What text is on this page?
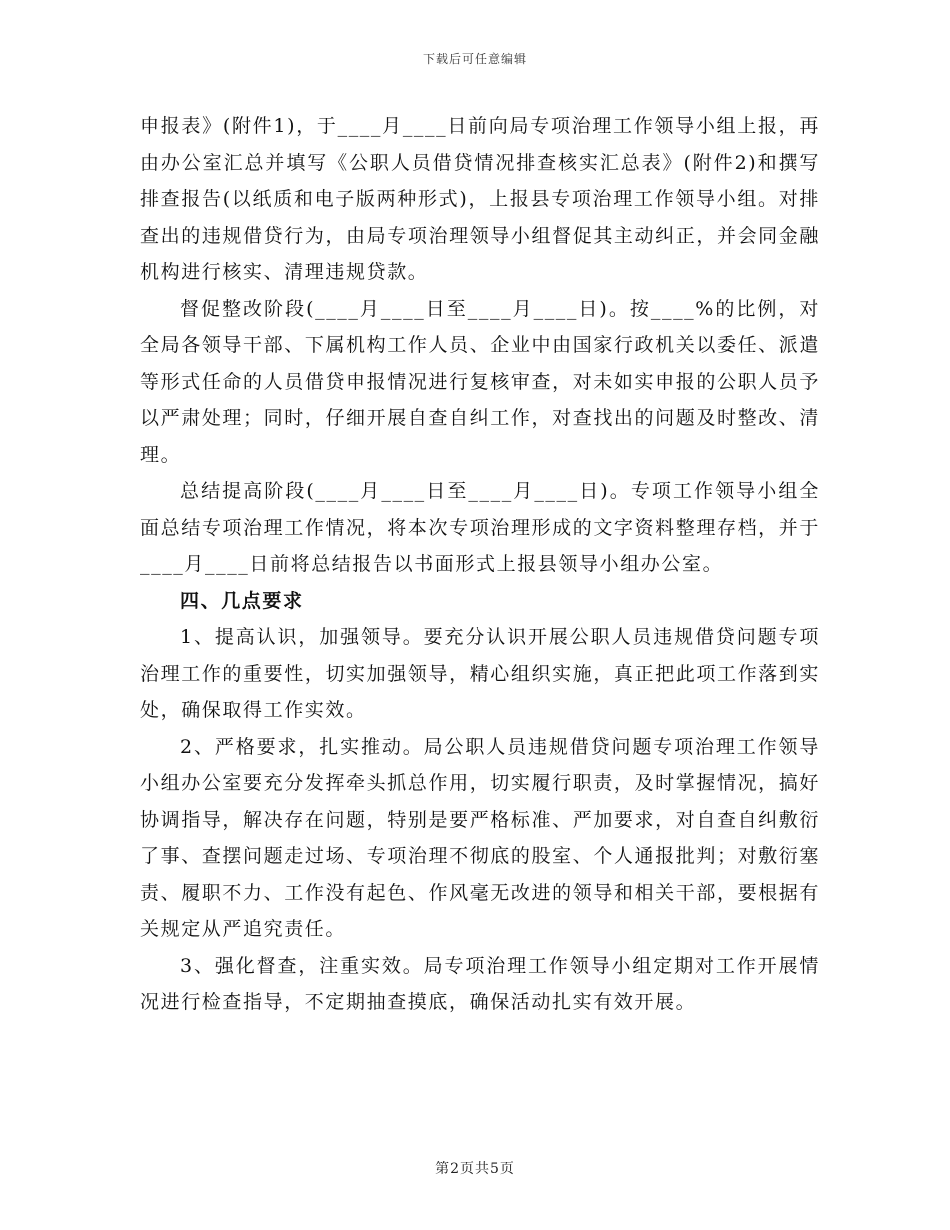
下载后可任意编辑

申报表》(附件1)，于____月____日前向局专项治理工作领导小组上报，再由办公室汇总并填写《公职人员借贷情况排查核实汇总表》(附件2)和撰写排查报告(以纸质和电子版两种形式)，上报县专项治理工作领导小组。对排查出的违规借贷行为，由局专项治理领导小组督促其主动纠正，并会同金融机构进行核实、清理违规贷款。

督促整改阶段(____月____日至____月____日)。按____%的比例，对全局各领导干部、下属机构工作人员、企业中由国家行政机关以委任、派遣等形式任命的人员借贷申报情况进行复核审查，对未如实申报的公职人员予以严肃处理；同时，仔细开展自查自纠工作，对查找出的问题及时整改、清理。

总结提高阶段(____月____日至____月____日)。专项工作领导小组全面总结专项治理工作情况，将本次专项治理形成的文字资料整理存档，并于____月____日前将总结报告以书面形式上报县领导小组办公室。

四、几点要求

1、提高认识，加强领导。要充分认识开展公职人员违规借贷问题专项治理工作的重要性，切实加强领导，精心组织实施，真正把此项工作落到实处，确保取得工作实效。

2、严格要求，扎实推动。局公职人员违规借贷问题专项治理工作领导小组办公室要充分发挥牵头抓总作用，切实履行职责，及时掌握情况，搞好协调指导，解决存在问题，特别是要严格标准、严加要求，对自查自纠敷衍了事、查摆问题走过场、专项治理不彻底的股室、个人通报批判；对敷衍塞责、履职不力、工作没有起色、作风毫无改进的领导和相关干部，要根据有关规定从严追究责任。

3、强化督查，注重实效。局专项治理工作领导小组定期对工作开展情况进行检查指导，不定期抽查摸底，确保活动扎实有效开展。

第2页共5页
